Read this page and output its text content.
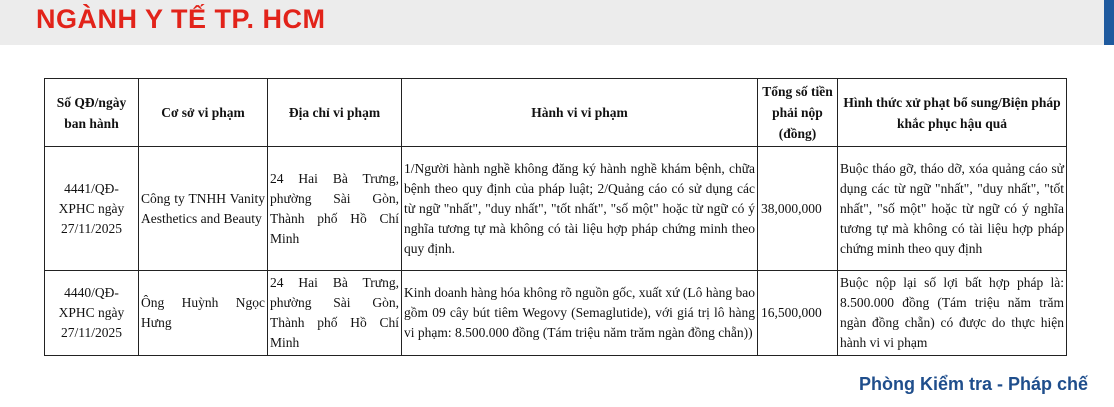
NGÀNH Y TẾ TP. HCM
Số QĐ/ngày ban hành	Cơ sở vi phạm	Địa chỉ vi phạm	Hành vi vi phạm	Tổng số tiền phải nộp (đồng)	Hình thức xử phạt bổ sung/Biện pháp khắc phục hậu quả
4441/QĐ-XPHC ngày 27/11/2025	Công ty TNHH Vanity Aesthetics and Beauty	24 Hai Bà Trưng, phường Sài Gòn, Thành phố Hồ Chí Minh	1/Người hành nghề không đăng ký hành nghề khám bệnh, chữa bệnh theo quy định của pháp luật; 2/Quảng cáo có sử dụng các từ ngữ "nhất", "duy nhất", "tốt nhất", "số một" hoặc từ ngữ có ý nghĩa tương tự mà không có tài liệu hợp pháp chứng minh theo quy định.	38,000,000	Buộc tháo gỡ, tháo dỡ, xóa quảng cáo sử dụng các từ ngữ "nhất", "duy nhất", "tốt nhất", "số một" hoặc từ ngữ có ý nghĩa tương tự mà không có tài liệu hợp pháp chứng minh theo quy định
4440/QĐ-XPHC ngày 27/11/2025	Ông Huỳnh Ngọc Hưng	24 Hai Bà Trưng, phường Sài Gòn, Thành phố Hồ Chí Minh	Kinh doanh hàng hóa không rõ nguồn gốc, xuất xứ (Lô hàng bao gồm 09 cây bút tiêm Wegovy (Semaglutide), với giá trị lô hàng vi phạm: 8.500.000 đồng (Tám triệu năm trăm ngàn đồng chẵn))	16,500,000	Buộc nộp lại số lợi bất hợp pháp là: 8.500.000 đồng (Tám triệu năm trăm ngàn đồng chẵn) có được do thực hiện hành vi vi phạm
Phòng Kiểm tra - Pháp chế
